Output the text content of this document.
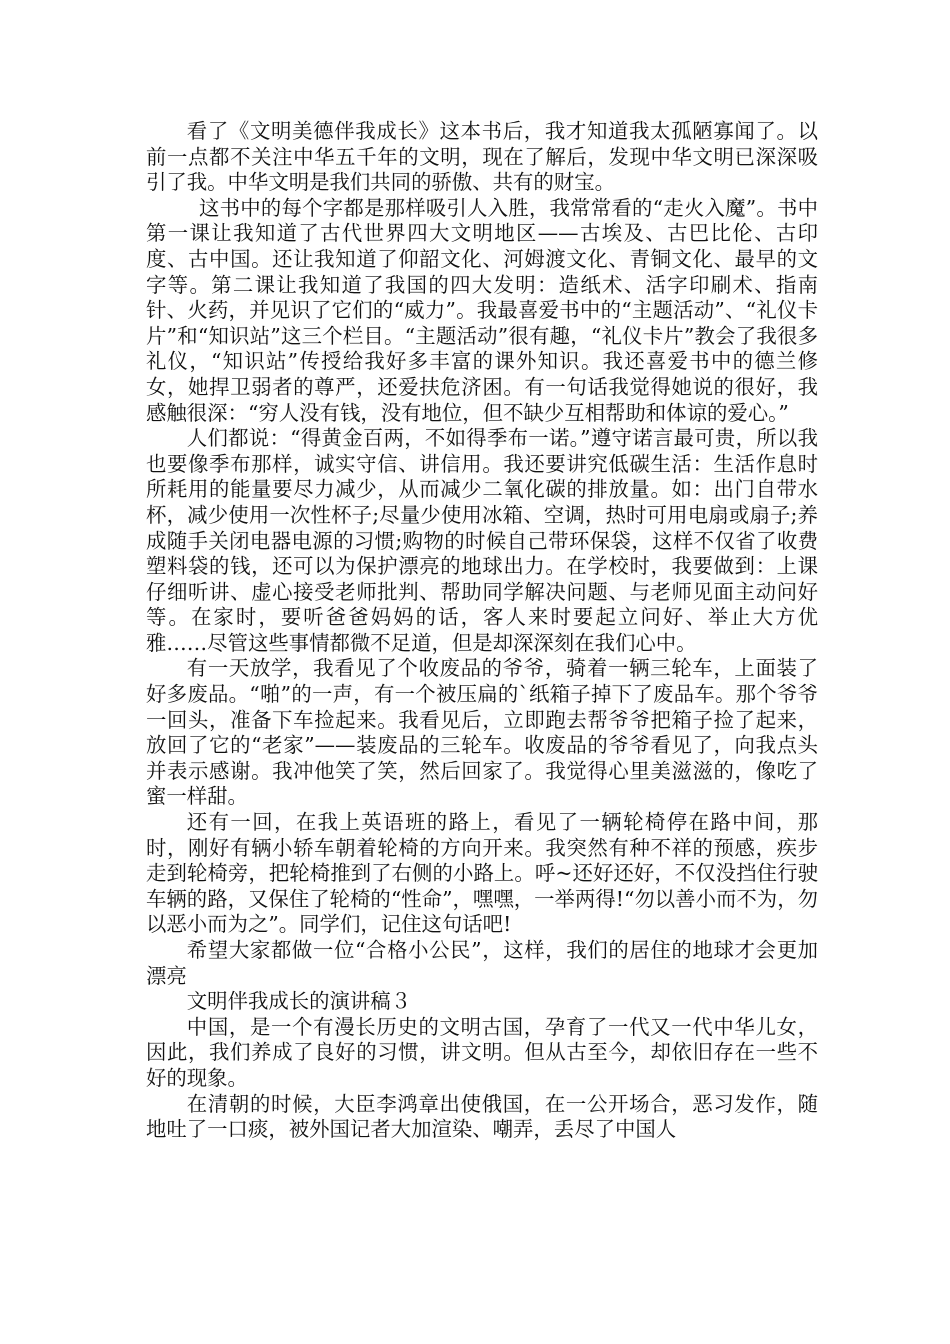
看了《文明美德伴我成长》这本书后，我才知道我太孤陋寡闻了。以前一点都不关注中华五千年的文明，现在了解后，发现中华文明已深深吸引了我。中华文明是我们共同的骄傲、共有的财宝。

这书中的每个字都是那样吸引人入胜，我常常看的“走火入魔”。书中第一课让我知道了古代世界四大文明地区——古埃及、古巴比伦、古印度、古中国。还让我知道了仰韶文化、河姆渡文化、青铜文化、最早的文字等。第二课让我知道了我国的四大发明：造纸术、活字印刷术、指南针、火药，并见识了它们的“威力”。我最喜爱书中的“主题活动”、“礼仪卡片”和“知识站”这三个栏目。“主题活动”很有趣，“礼仪卡片”教会了我很多礼仪，“知识站”传授给我好多丰富的课外知识。我还喜爱书中的德兰修女，她捍卫弱者的尊严，还爱扶危济困。有一句话我觉得她说的很好，我感触很深：“穷人没有钱，没有地位，但不缺少互相帮助和体谅的爱心。”

人们都说：“得黄金百两，不如得季布一诺。”遵守诺言最可贵，所以我也要像季布那样，诚实守信、讲信用。我还要讲究低碳生活：生活作息时所耗用的能量要尽力减少，从而减少二氧化碳的排放量。如：出门自带水杯，减少使用一次性杯子;尽量少使用冰箱、空调，热时可用电扇或扇子;养成随手关闭电器电源的习惯;购物的时候自己带环保袋，这样不仅省了收费塑料袋的钱，还可以为保护漂亮的地球出力。在学校时，我要做到：上课仔细听讲、虚心接受老师批判、帮助同学解决问题、与老师见面主动问好等。在家时，要听爸爸妈妈的话，客人来时要起立问好、举止大方优雅……尽管这些事情都微不足道，但是却深深刻在我们心中。

有一天放学，我看见了个收废品的爷爷，骑着一辆三轮车，上面装了好多废品。“啪”的一声，有一个被压扁的`纸箱子掉下了废品车。那个爷爷一回头，准备下车捡起来。我看见后，立即跑去帮爷爷把箱子捡了起来，放回了它的“老家”——装废品的三轮车。收废品的爷爷看见了，向我点头并表示感谢。我冲他笑了笑，然后回家了。我觉得心里美滋滋的，像吃了蜜一样甜。

还有一回，在我上英语班的路上，看见了一辆轮椅停在路中间，那时，刚好有辆小轿车朝着轮椅的方向开来。我突然有种不祥的预感，疾步走到轮椅旁，把轮椅推到了右侧的小路上。呼~还好还好，不仅没挡住行驶车辆的路，又保住了轮椅的“性命”，嘿嘿，一举两得!“勿以善小而不为，勿以恶小而为之”。同学们，记住这句话吧!

希望大家都做一位“合格小公民”，这样，我们的居住的地球才会更加漂亮

文明伴我成长的演讲稿３

中国，是一个有漫长历史的文明古国，孕育了一代又一代中华儿女，因此，我们养成了良好的习惯，讲文明。但从古至今，却依旧存在一些不好的现象。

在清朝的时候，大臣李鸿章出使俄国，在一公开场合，恶习发作，随地吐了一口痰，被外国记者大加渲染、嘲弄，丢尽了中国人
